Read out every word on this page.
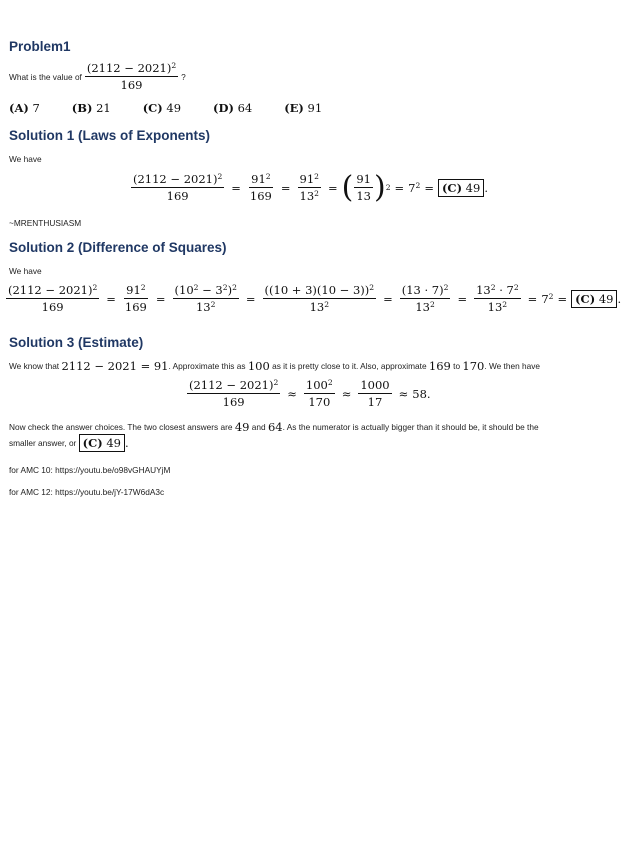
Problem1
What is the value of $\frac{(2112 - 2021)^2}{169}$ ?
(A) 7	(B) 21	(C) 49	(D) 64	(E) 91
Solution 1 (Laws of Exponents)
We have
$\frac{(2112 - 2021)^2}{169} = \frac{91^2}{169} = \frac{91^2}{13^2}$ = ( $\frac{91}{13}$ ) $2 = 7^2 = (C)$ 49 .
~MRENTHUSIASM
Solution 2 (Difference of Squares)
We have
$\frac{(2112 - 2021)^2}{169} = \frac{91^2}{169} = \frac{(10^2 - 3^2)^2}{13^2} = \frac{((10 + 3)(10 - 3))^2}{13^2} = \frac{(13 \cdot 7)^2}{13^2} = \frac{13^2 \cdot 7^2}{13^2} = 7^2 = (C)$ 49 .
Solution 3 (Estimate)
We know that
2112 − 2021 = 91 . Approximate this as
100
as it is pretty close to it. Also, approximate
169
to
170 . We then have
$\frac{(2112 - 2021)^2}{169} \approx \frac{100^2}{170} \approx \frac{1000}{17} \approx 58$.
Now check the answer choices. The two closest answers are
49
and
64 . As the numerator is actually bigger than it should be, it should be the
smaller answer, or
(C) 49 .
for AMC 10: https://youtu.be/o98vGHAUYjM
for AMC 12: https://youtu.be/jY-17W6dA3c
